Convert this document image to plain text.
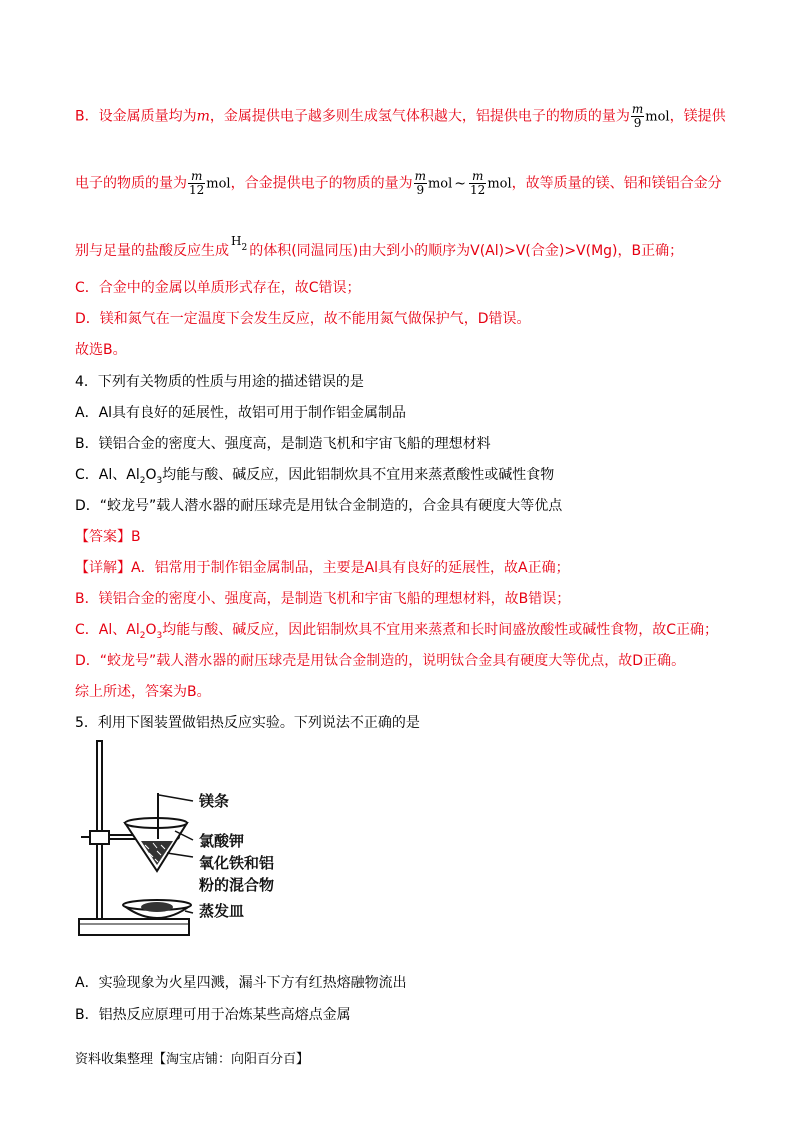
B．设金属质量均为m，金属提供电子越多则生成氢气体积越大，铝提供电子的物质的量为 $\frac{m}{9}$ mol，镁提供
电子的物质的量为 $\frac{m}{12}$ mol，合金提供电子的物质的量为 $\frac{m}{9}$ mol ~ $\frac{m}{12}$ mol，故等质量的镁、铝和镁铝合金分
别与足量的盐酸反应生成$H_2$ 的体积(同温同压)由大到小的顺序为V(Al)>V(合金)>V(Mg)，B正确；
C．合金中的金属以单质形式存在，故C错误；
D．镁和氮气在一定温度下会发生反应，故不能用氮气做保护气，D错误。
故选B。
4．下列有关物质的性质与用途的描述错误的是
A．Al具有良好的延展性，故铝可用于制作铝金属制品
B．镁铝合金的密度大、强度高，是制造飞机和宇宙飞船的理想材料
C．Al、$Al_2O_3$均能与酸、碱反应，因此铝制炊具不宜用来蒸煮酸性或碱性食物
D．“蛟龙号”载人潜水器的耐压球壳是用钛合金制造的，合金具有硬度大等优点
【答案】B
【详解】A．铝常用于制作铝金属制品，主要是Al具有良好的延展性，故A正确；
B．镁铝合金的密度小、强度高，是制造飞机和宇宙飞船的理想材料，故B错误；
C．Al、$Al_2O_3$均能与酸、碱反应，因此铝制炊具不宜用来蒸煮和长时间盛放酸性或碱性食物，故C正确；
D．“蛟龙号”载人潜水器的耐压球壳是用钛合金制造的，说明钛合金具有硬度大等优点，故D正确。
综上所述，答案为B。
5．利用下图装置做铝热反应实验。下列说法不正确的是
镁条
氯酸钾
氧化铁和铝
粉的混合物
蒸发皿
A．实验现象为火星四溅，漏斗下方有红热熔融物流出
B．铝热反应原理可用于冶炼某些高熔点金属
资料收集整理【淘宝店铺：向阳百分百】
